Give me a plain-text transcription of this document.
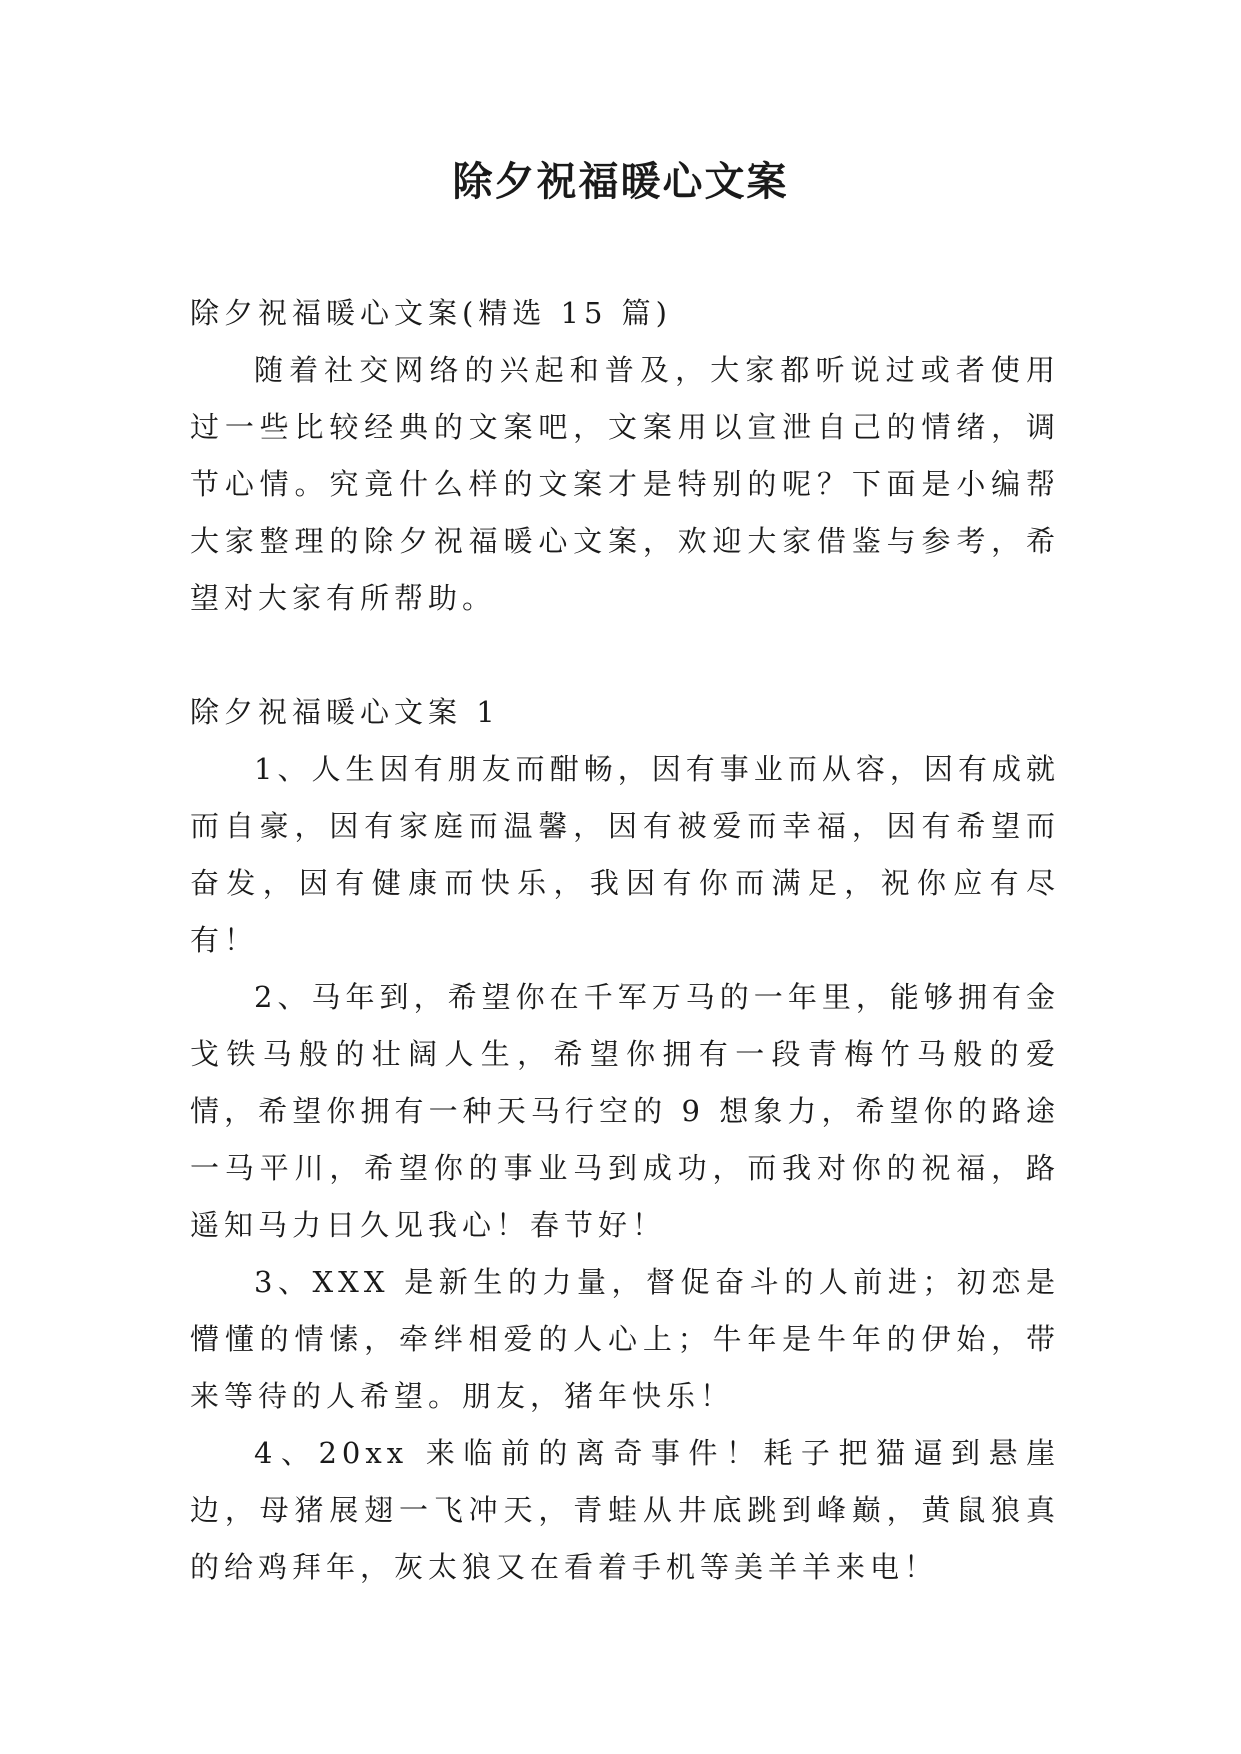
除夕祝福暖心文案

除夕祝福暖心文案(精选 15 篇)

随着社交网络的兴起和普及，大家都听说过或者使用过一些比较经典的文案吧，文案用以宣泄自己的情绪，调节心情。究竟什么样的文案才是特别的呢？下面是小编帮大家整理的除夕祝福暖心文案，欢迎大家借鉴与参考，希望对大家有所帮助。

除夕祝福暖心文案 1

1、人生因有朋友而酣畅，因有事业而从容，因有成就而自豪，因有家庭而温馨，因有被爱而幸福，因有希望而奋发，因有健康而快乐，我因有你而满足，祝你应有尽有！

2、马年到，希望你在千军万马的一年里，能够拥有金戈铁马般的壮阔人生，希望你拥有一段青梅竹马般的爱情，希望你拥有一种天马行空的 9 想象力，希望你的路途一马平川，希望你的事业马到成功，而我对你的祝福，路遥知马力日久见我心！春节好！

3、XXX 是新生的力量，督促奋斗的人前进；初恋是懵懂的情愫，牵绊相爱的人心上；牛年是牛年的伊始，带来等待的人希望。朋友，猪年快乐！

4、20xx 来临前的离奇事件！耗子把猫逼到悬崖边，母猪展翅一飞冲天，青蛙从井底跳到峰巅，黄鼠狼真的给鸡拜年，灰太狼又在看着手机等美羊羊来电！
